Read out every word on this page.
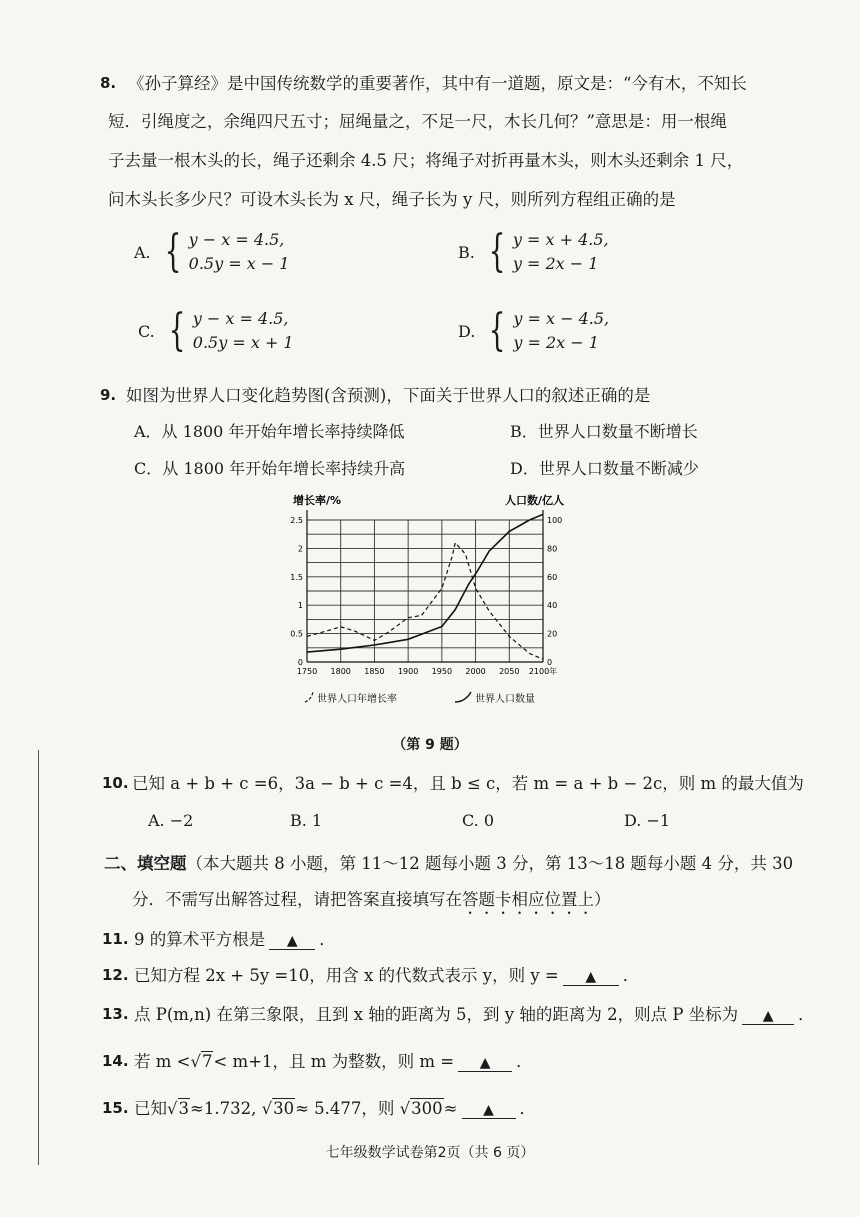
8. 《孙子算经》是中国传统数学的重要著作，其中有一道题，原文是：“今有木，不知长
短．引绳度之，余绳四尺五寸；屈绳量之，不足一尺，木长几何？”意思是：用一根绳
子去量一根木头的长，绳子还剩余 4.5 尺；将绳子对折再量木头，则木头还剩余 1 尺，
问木头长多少尺？可设木头长为 x 尺，绳子长为 y 尺，则所列方程组正确的是
A. { y − x = 4.5,
0.5y = x − 1
B. { y = x + 4.5,
y = 2x − 1
C. { y − x = 4.5,
0.5y = x + 1
D. { y = x − 4.5,
y = 2x − 1
9. 如图为世界人口变化趋势图(含预测)，下面关于世界人口的叙述正确的是
A．从 1800 年开始年增长率持续降低	B．世界人口数量不断增长
C．从 1800 年开始年增长率持续升高	D．世界人口数量不断减少
增长率/%	人口数/亿人
0
0.5
1
1.5
2
2.5
0
20
40
60
80
100
1750 1800 1850 1900 1950 2000 2050 2100年
世界人口年增长率	世界人口数量
（第 9 题）
10. 已知 a + b + c =6，3a − b + c =4，且 b ≤ c，若 m = a + b − 2c，则 m 的最大值为
A. −2	B. 1	C. 0	D. −1
二、填空题（本大题共 8 小题，第 11～12 题每小题 3 分，第 13～18 题每小题 4 分，共 30
分．不需写出解答过程，请把答案直接填写在答题卡相应位置上）
11. 9 的算术平方根是 ▲ ．
12. 已知方程 2x + 5y =10，用含 x 的代数式表示 y，则 y = ▲ ．
13. 点 P(m,n) 在第三象限，且到 x 轴的距离为 5，到 y 轴的距离为 2，则点 P 坐标为 ▲ ．
14. 若 m <√7< m+1，且 m 为整数，则 m = ▲ ．
15. 已知√3≈1.732, √30≈ 5.477，则 √300≈ ▲ ．
七年级数学试卷第2页（共 6 页）
